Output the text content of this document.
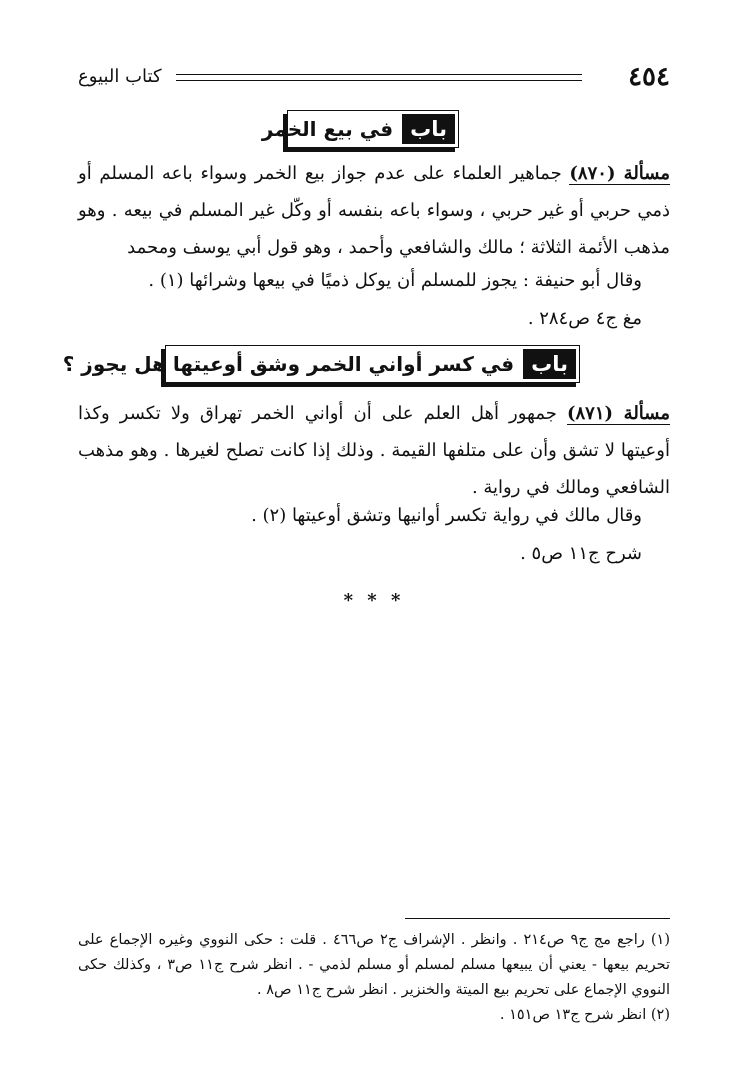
٤٥٤
كتاب البيوع
باب
في بيع الخمر
مسألة (٨٧٠) جماهير العلماء على عدم جواز بيع الخمر وسواء باعه المسلم أو ذمي حربي أو غير حربي ، وسواء باعه بنفسه أو وكّل غير المسلم في بيعه . وهو مذهب الأئمة الثلاثة ؛ مالك والشافعي وأحمد ، وهو قول أبي يوسف ومحمد
وقال أبو حنيفة : يجوز للمسلم أن يوكل ذميًا في بيعها وشرائها (١) .
مغ ج٤ ص٢٨٤ .
باب
في كسر أواني الخمر وشق أوعيتها هل يجوز ؟
مسألة (٨٧١) جمهور أهل العلم على أن أواني الخمر تهراق ولا تكسر وكذا أوعيتها لا تشق وأن على متلفها القيمة . وذلك إذا كانت تصلح لغيرها . وهو مذهب الشافعي ومالك في رواية .
وقال مالك في رواية تكسر أوانيها وتشق أوعيتها (٢) .
شرح ج١١ ص٥ .
* * *

(١) راجع مج ج٩ ص٢١٤ . وانظر . الإشراف ج٢ ص٤٦٦ . قلت : حكى النووي وغيره الإجماع على تحريم بيعها - يعني أن يبيعها مسلم لمسلم أو مسلم لذمي - . انظر شرح ج١١ ص٣ ، وكذلك حكى النووي الإجماع على تحريم بيع الميتة والخنزير . انظر شرح ج١١ ص٨ .

(٢) انظر شرح ج١٣ ص١٥١ .
